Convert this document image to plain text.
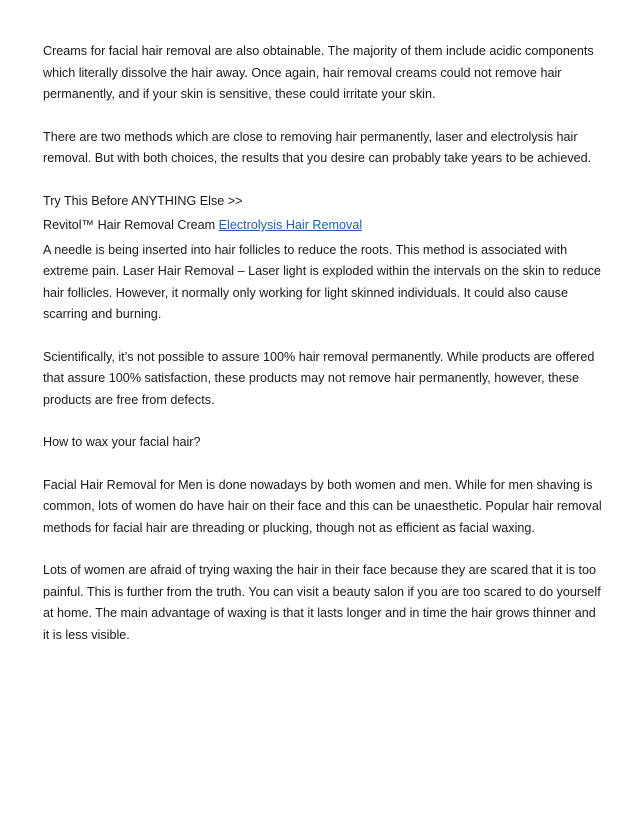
Creams for facial hair removal are also obtainable. The majority of them include acidic components which literally dissolve the hair away. Once again, hair removal creams could not remove hair permanently, and if your skin is sensitive, these could irritate your skin.

There are two methods which are close to removing hair permanently, laser and electrolysis hair removal. But with both choices, the results that you desire can probably take years to be achieved.

Try This Before ANYTHING Else >>

Revitol™ Hair Removal Cream Electrolysis Hair Removal

A needle is being inserted into hair follicles to reduce the roots. This method is associated with extreme pain. Laser Hair Removal – Laser light is exploded within the intervals on the skin to reduce hair follicles. However, it normally only working for light skinned individuals. It could also cause scarring and burning.

Scientifically, it’s not possible to assure 100% hair removal permanently. While products are offered that assure 100% satisfaction, these products may not remove hair permanently, however, these products are free from defects.

How to wax your facial hair?

Facial Hair Removal for Men is done nowadays by both women and men. While for men shaving is common, lots of women do have hair on their face and this can be unaesthetic. Popular hair removal methods for facial hair are threading or plucking, though not as efficient as facial waxing.

Lots of women are afraid of trying waxing the hair in their face because they are scared that it is too painful. This is further from the truth. You can visit a beauty salon if you are too scared to do yourself at home. The main advantage of waxing is that it lasts longer and in time the hair grows thinner and it is less visible.
